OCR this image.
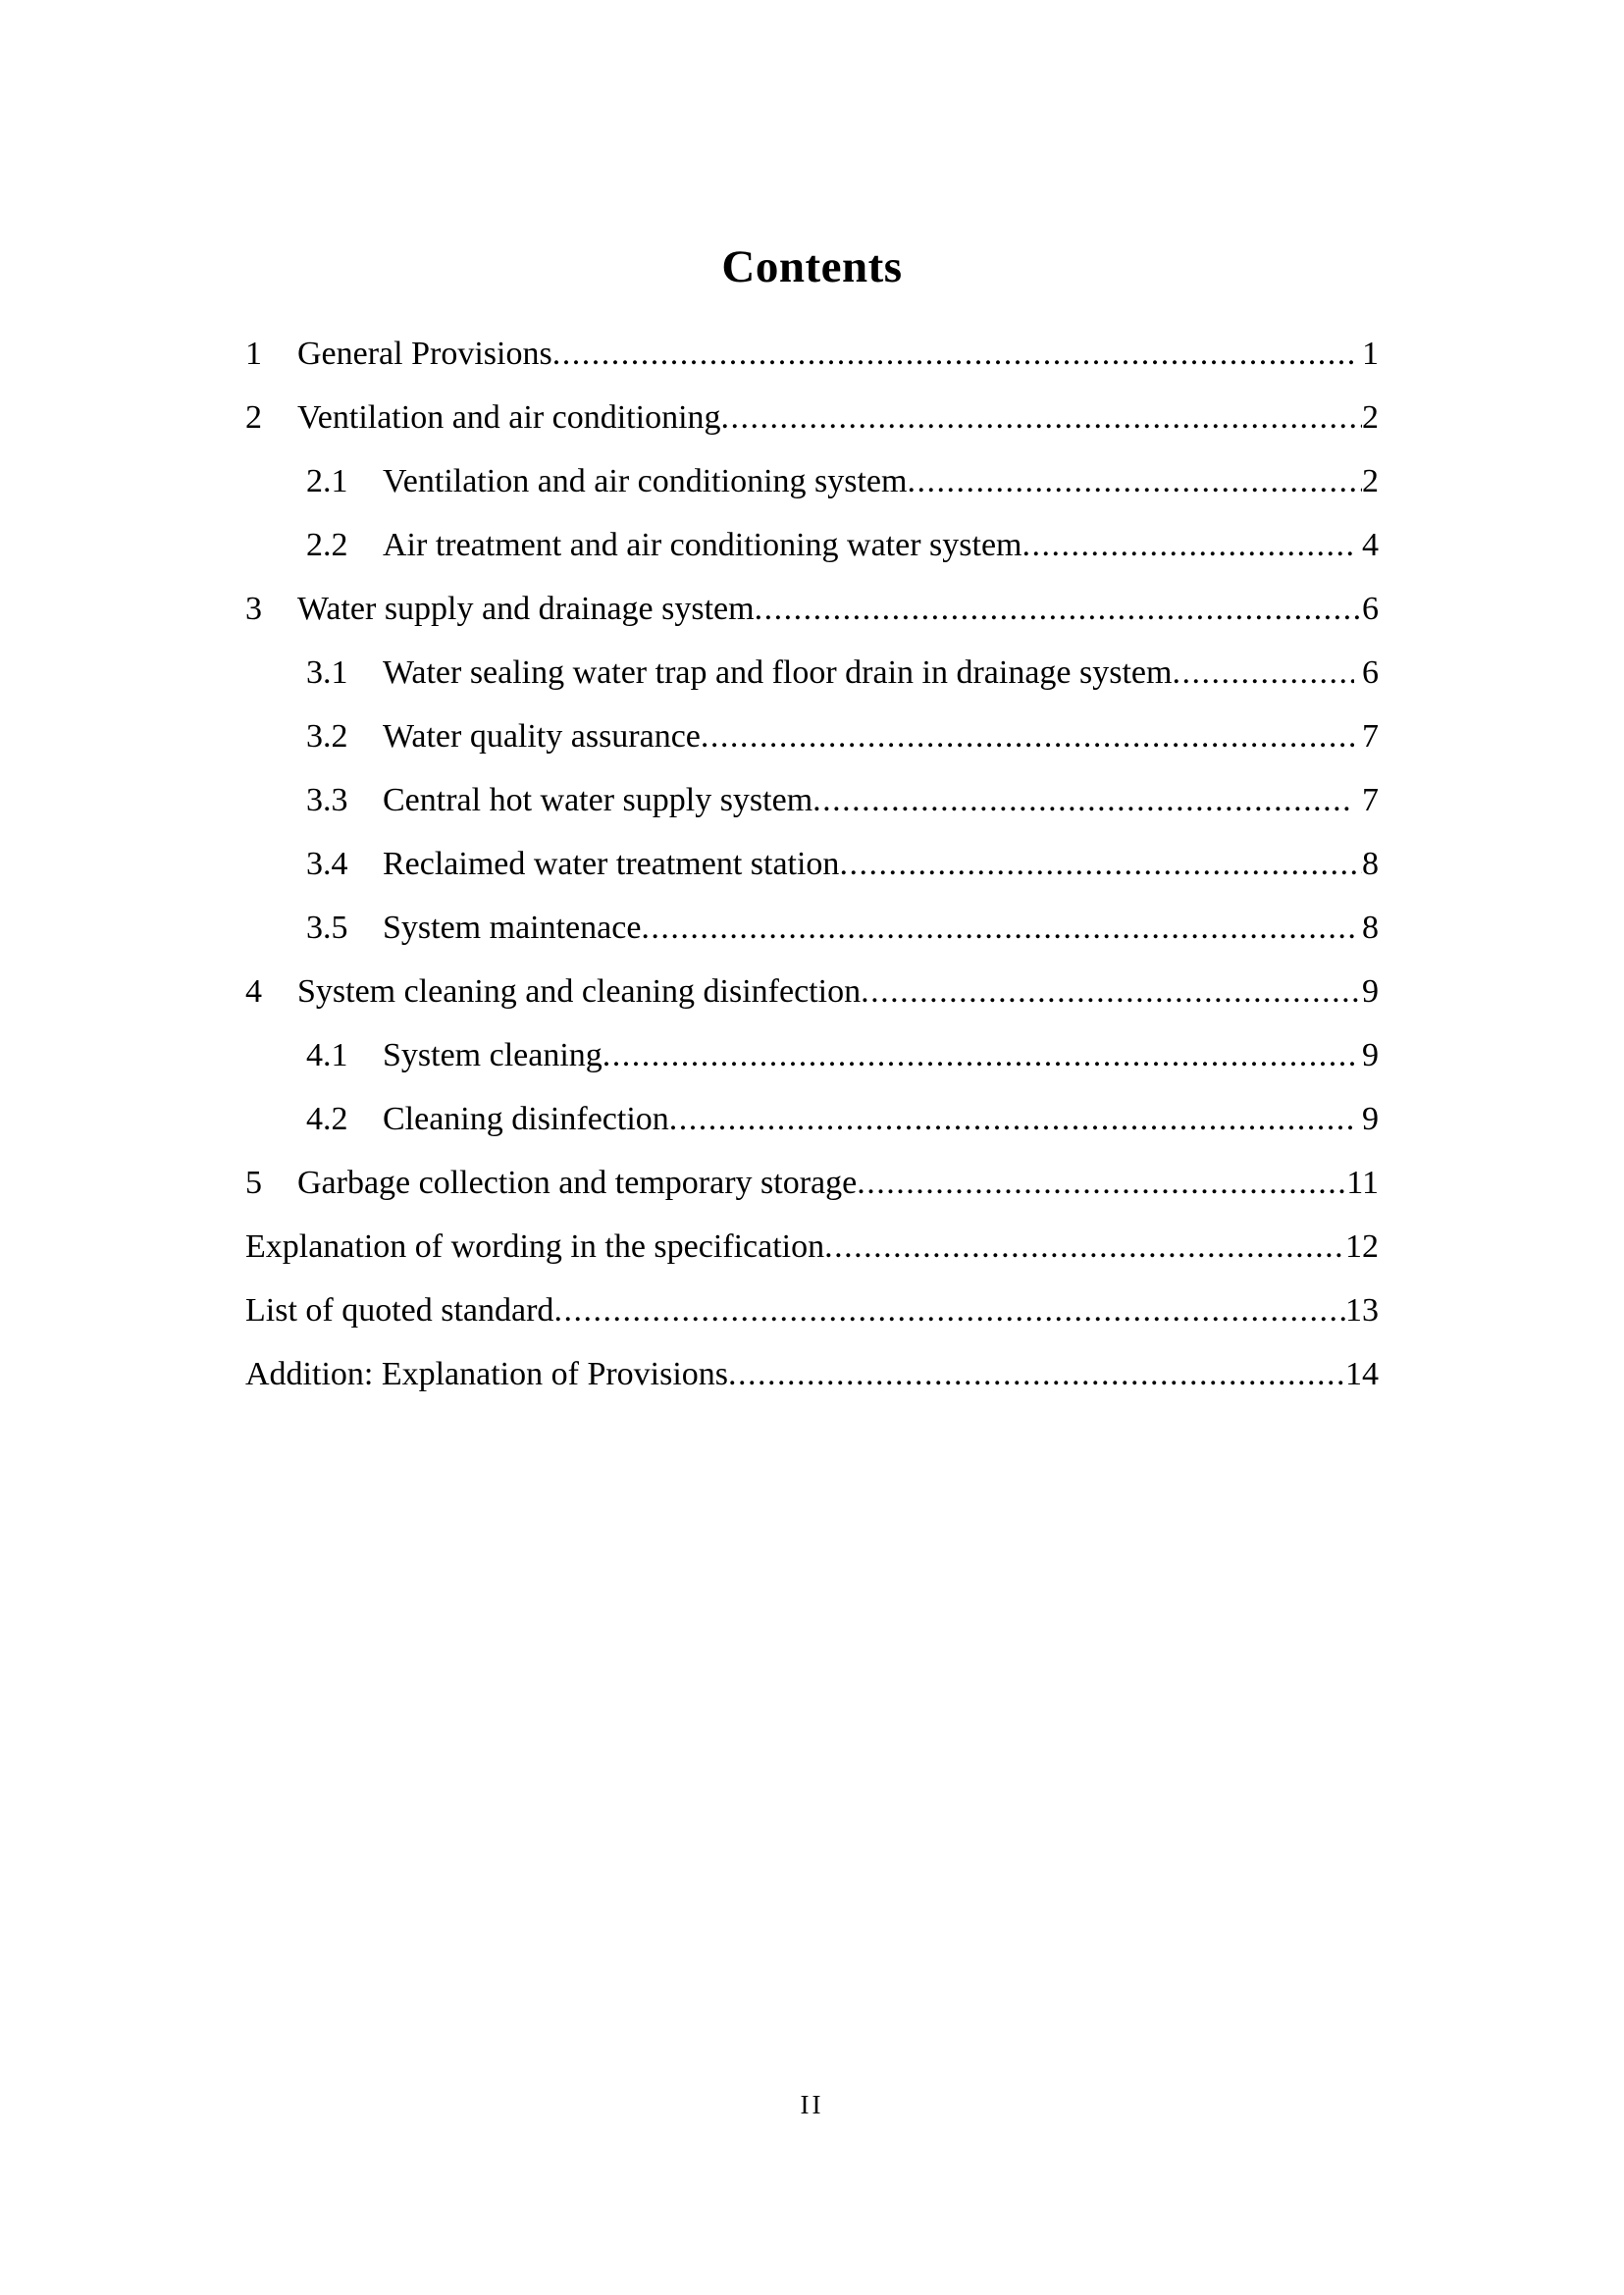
Contents
1	General Provisions .....	1
2	Ventilation and air conditioning .....	2
2.1	Ventilation and air conditioning system .....	2
2.2	Air treatment and air conditioning water system .....	4
3	Water supply and drainage system .....	6
3.1	Water sealing water trap and floor drain in drainage system .....	6
3.2	Water quality assurance .....	7
3.3	Central hot water supply system .....	7
3.4	Reclaimed water treatment station .....	8
3.5	System maintenace .....	8
4	System cleaning and cleaning disinfection .....	9
4.1	System cleaning .....	9
4.2	Cleaning disinfection .....	9
5	Garbage collection and temporary storage .....	11
Explanation of wording in the specification .....	12
List of quoted standard .....	13
Addition: Explanation of Provisions .....	14
II
